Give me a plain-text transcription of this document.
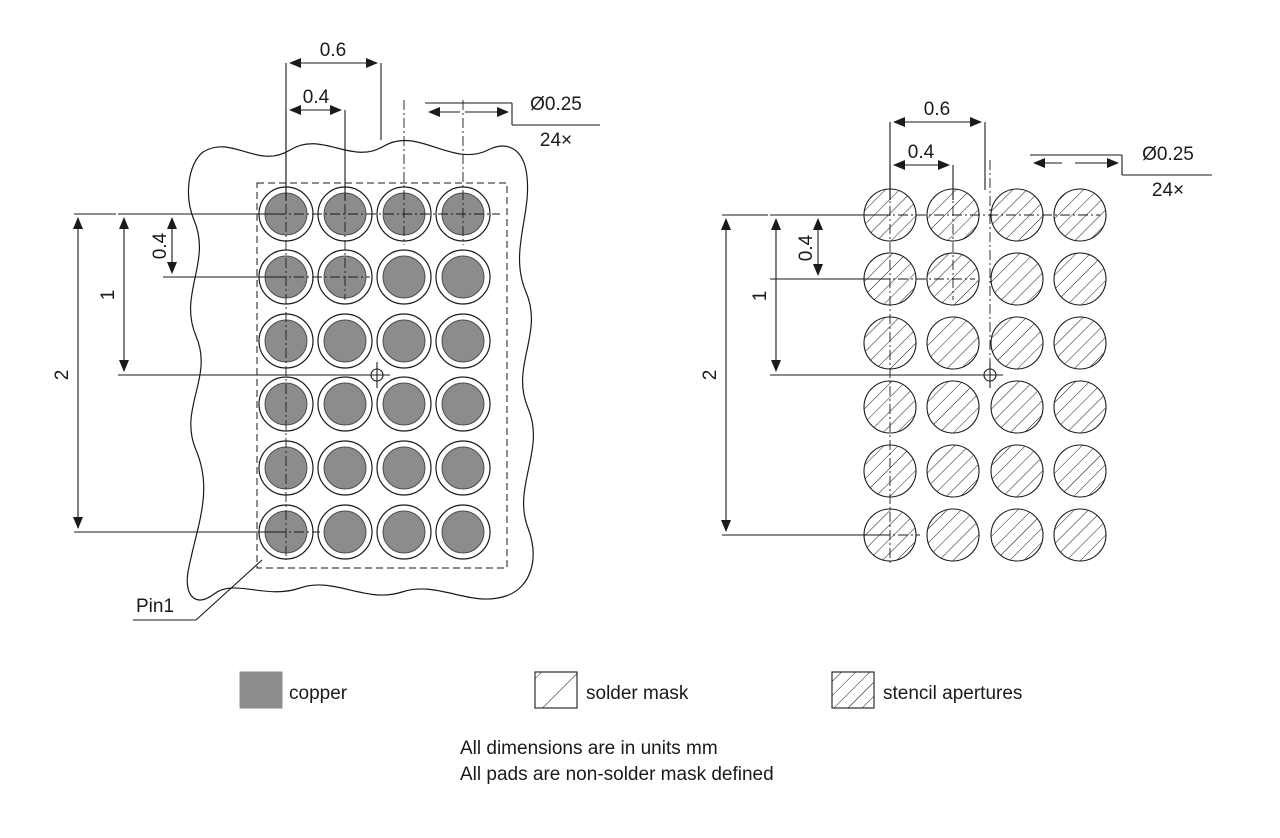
0.6
0.4	Ø0.25
24×
0.4
1
2
Pin1
0.6
0.4	Ø0.25
24×
0.4
1
2
copper	solder mask	stencil apertures
All dimensions are in units mm
All pads are non-solder mask defined
